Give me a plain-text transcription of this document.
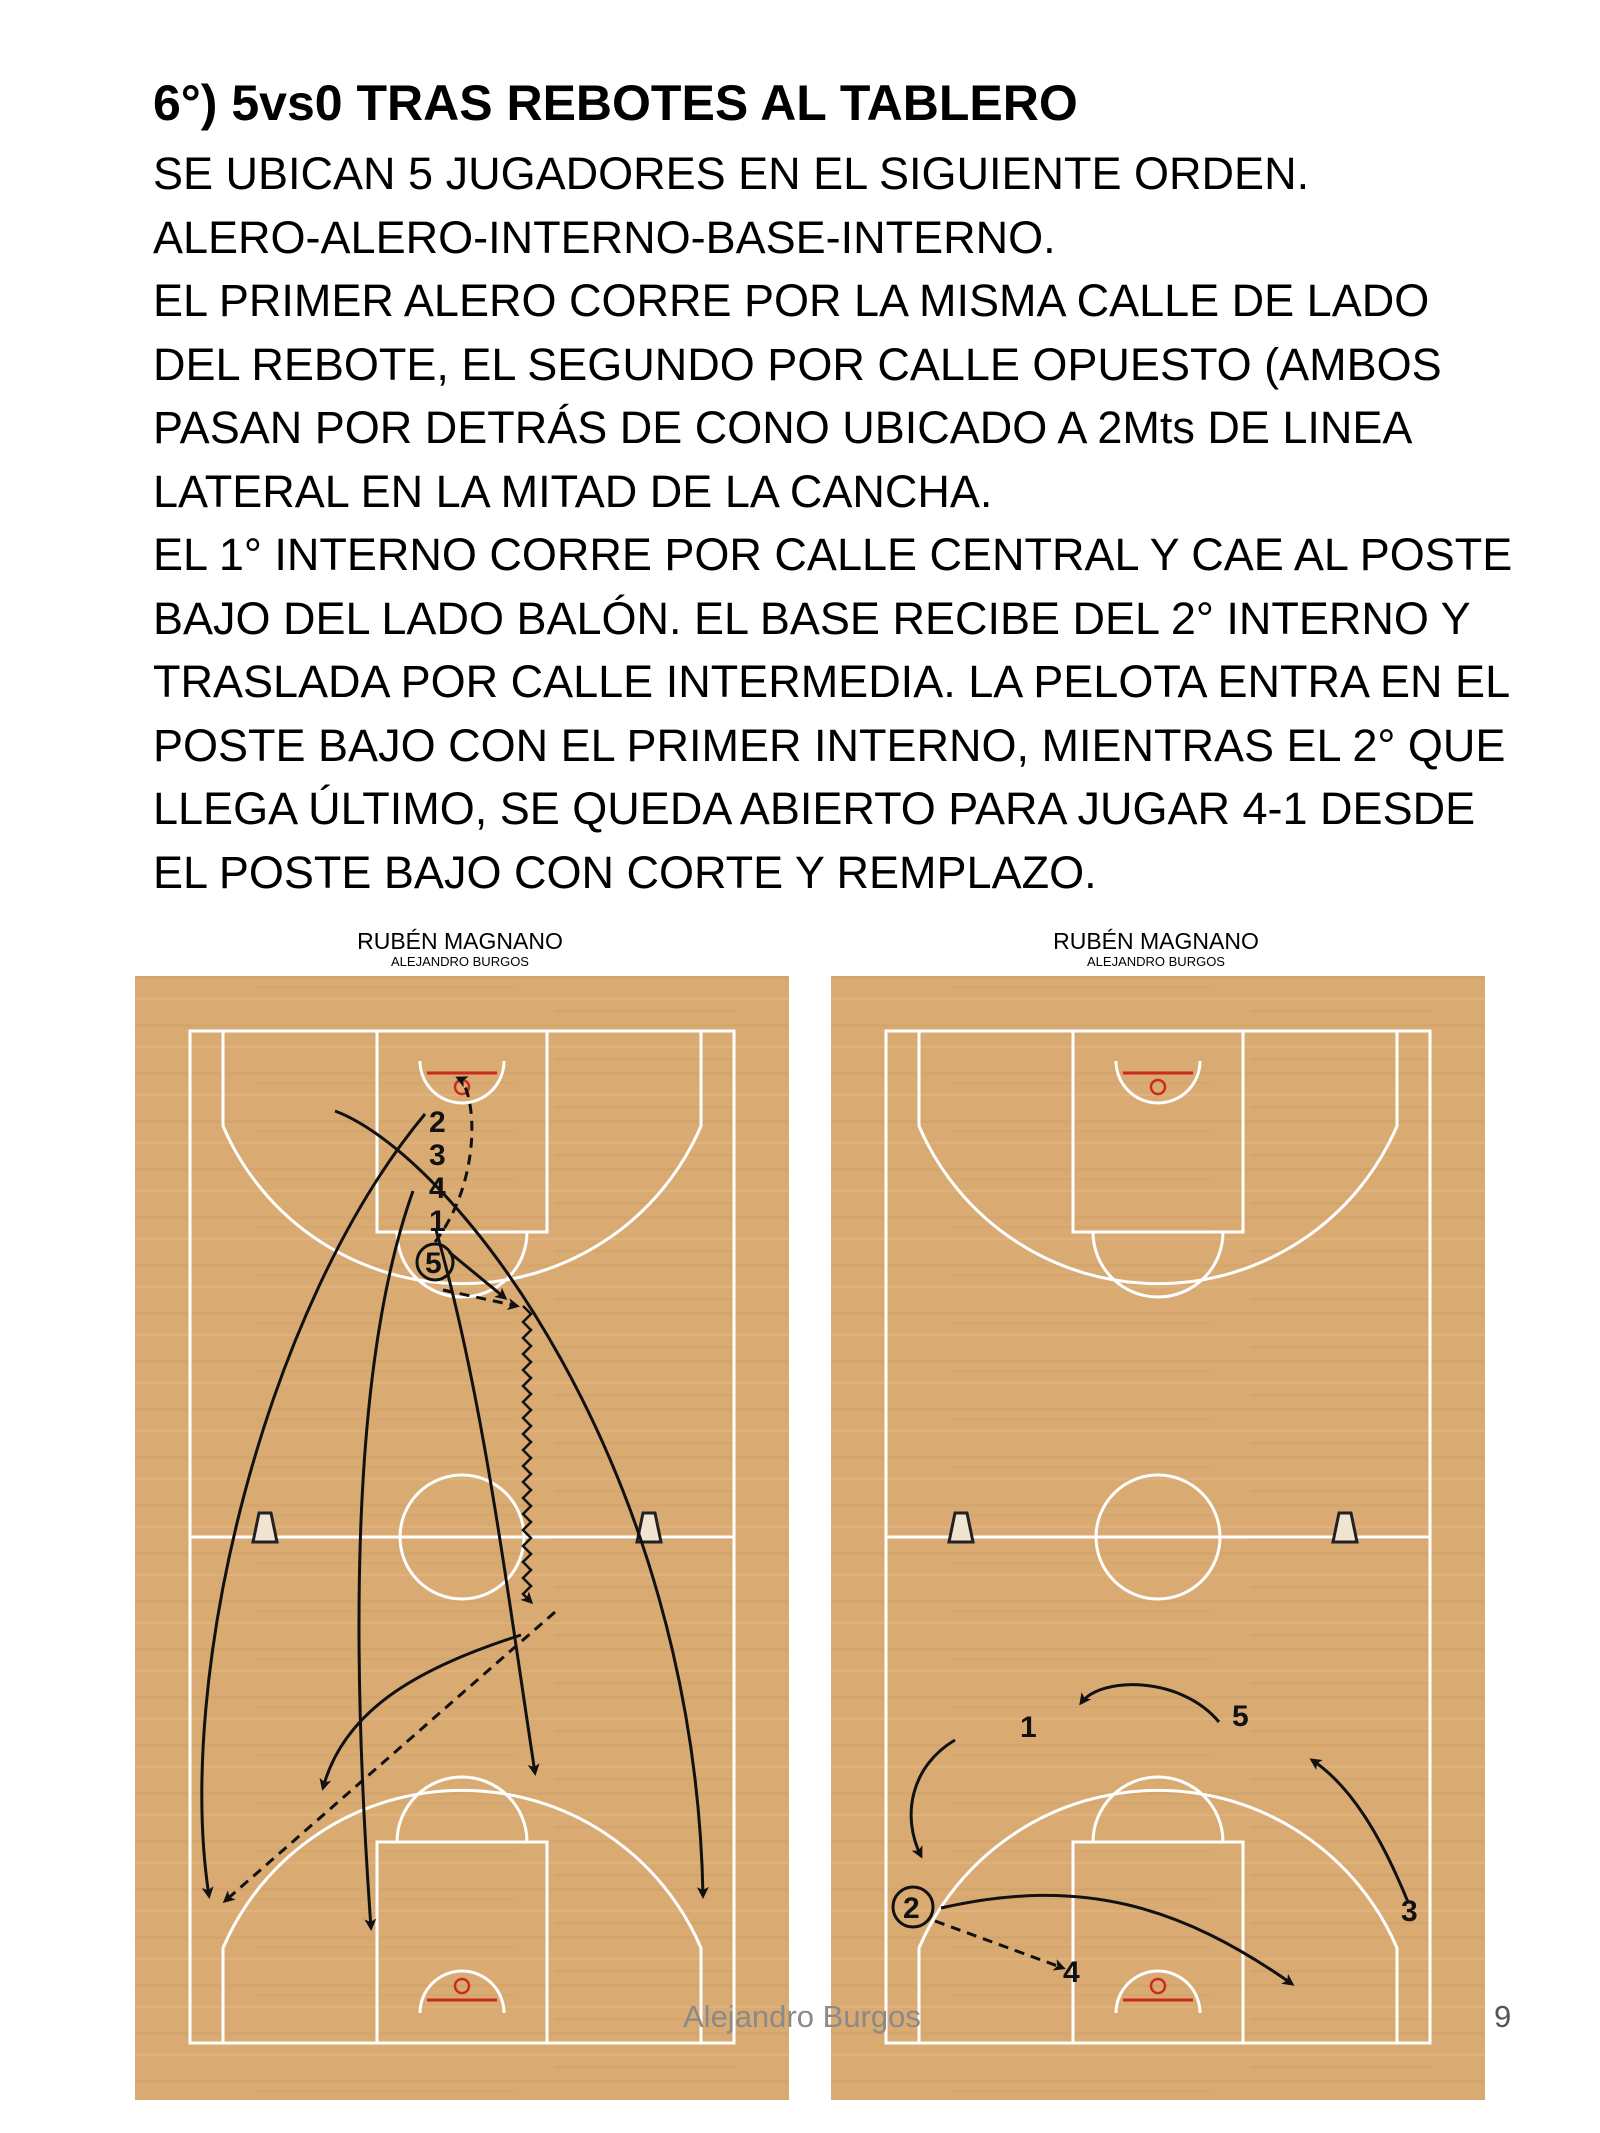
6°) 5vs0 TRAS REBOTES AL TABLERO
SE UBICAN 5 JUGADORES EN EL SIGUIENTE ORDEN.
ALERO-ALERO-INTERNO-BASE-INTERNO.
EL PRIMER ALERO CORRE POR LA MISMA CALLE DE LADO
DEL REBOTE, EL SEGUNDO POR CALLE OPUESTO (AMBOS
PASAN POR DETRÁS DE CONO UBICADO A 2Mts DE LINEA
LATERAL EN LA MITAD DE LA CANCHA.
EL 1° INTERNO CORRE POR CALLE CENTRAL Y CAE AL POSTE
BAJO DEL LADO BALÓN. EL BASE RECIBE DEL 2° INTERNO Y
TRASLADA POR CALLE INTERMEDIA. LA PELOTA ENTRA EN EL
POSTE BAJO CON EL PRIMER INTERNO, MIENTRAS EL 2° QUE
LLEGA ÚLTIMO, SE QUEDA ABIERTO PARA JUGAR 4-1 DESDE
EL POSTE BAJO CON CORTE Y REMPLAZO.
RUBÉN MAGNANO
ALEJANDRO BURGOS
RUBÉN MAGNANO
ALEJANDRO BURGOS
2
3
4
1
5
1	5
2	3
4
Alejandro Burgos	9
